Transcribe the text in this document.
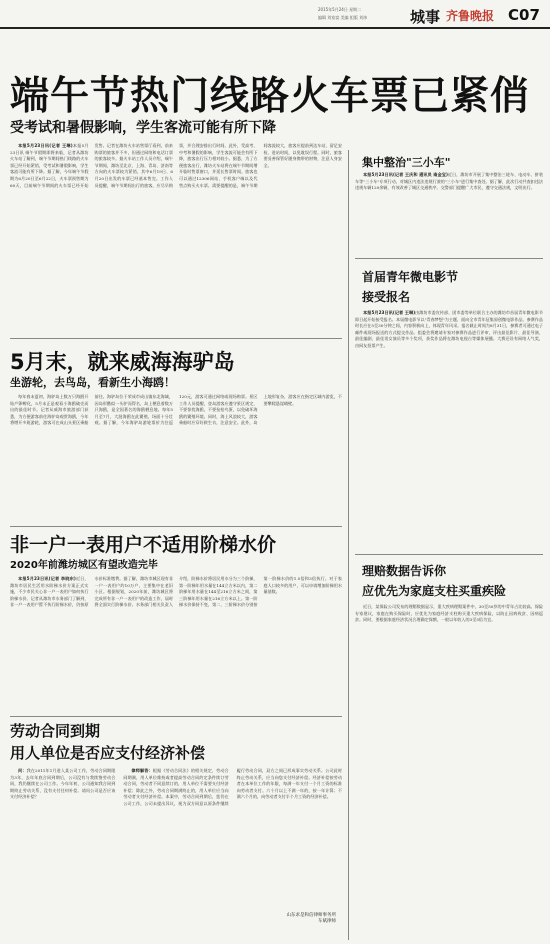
2015年5月24日 星期二
编辑 刘家富 美编 组版 刘炜	城事 齐鲁晚报 C07
端午节热门线路火车票已紧俏
受考试和暑假影响，学生客流可能有所下降

本报5月23日讯(记者 王琳)本报5月23日讯 端午节假期即将来临，记者从潍坊火车站了解到，端午节期间热门线路的火车票已经开始紧俏，受考试和暑假影响，学生客流可能有所下降。据了解，今年端午节假期为6月20日至6月22日，火车票预售期为60天，目前端午节期间的火车票已经开始发售。记者在潍坊火车站售票厅看到，前来购票的旅客并不多，但通过网络和电话订票的旅客较多。据火车站工作人员介绍，端午节期间，潍坊至北京、上海、青岛、济南等方向的火车票较为紧俏，其中6月19日、6月20日出发的车票已经基本售完。工作人员提醒，端午节期间出行的旅客，应尽早购票，并合理安排出行时间。此外，受高考、中考和暑假的影响，学生客流可能会有所下降，旅客出行压力相对较小。据悉，为了方便旅客出行，潍坊火车站将在端午节期间增开临时售票窗口，并延长售票时间。旅客也可以通过12306网站、手机客户端以及代售点购买火车票。需要提醒的是，端午节期间客流较大，旅客应提前到达车站，留足安检、进站时间，以免耽误行程。同时，旅客要妥善保管好随身携带的财物，注意人身安全。

5月末，就来威海海驴岛
坐游轮，去鸟岛，看新生小海鸥！

每年春末夏初，海驴岛上数万只海鸥开始产卵孵化，5月末正是观看小海鸥破壳而出的最佳时节。记者从威海市旅游部门获悉，为方便游客前往海驴岛观赏海鸥，今年将增开多班游轮，游客可在成山头景区乘船前往。海驴岛位于荣成市成山镇东北海域，因岛形酷似一头驴而得名，岛上栖息着数万只海鸥，是全国著名的海鸥栖息地。每年5月至7月，大批海鸥在此繁殖，场面十分壮观。据了解，今年海驴岛游轮票价为往返120元，游客可通过网络或现场购票。景区工作人员提醒，登岛游客应遵守景区规定，不要惊扰海鸥，不要捡拾鸟蛋，以免破坏海鸥的繁殖环境。同时，海上风浪较大，游客乘船时应穿好救生衣，注意安全。此外，岛上地形复杂，游客应在指定区域内游览，不要攀爬悬崖峭壁。

非一户一表用户不适用阶梯水价
2020年前潍坊城区有望改造完毕

本报5月23日讯(记者 李晓东)近日，潍坊市居民生活用水阶梯水价方案正式实施，不少市民关心非一户一表用户如何执行阶梯水价。记者从潍坊市水务部门了解到，非一户一表用户暂不执行阶梯水价，仍按原水价标准缴费。据了解，潍坊市城区现有非一户一表用户约10万户，主要集中在老旧小区。根据规划，2020年前，潍坊城区将完成所有非一户一表用户的改造工作，届时将全面实行阶梯水价。水务部门相关负责人介绍，阶梯水价将居民用水分为三个阶梯，第一阶梯年用水量在144立方米以内，第二阶梯年用水量在144至216立方米之间，第三阶梯年用水量在216立方米以上。第一阶梯水价保持不变，第二、三阶梯水价分别按第一阶梯水价的1.5倍和3倍执行。对于家庭人口较多的用户，可以申请增加阶梯用水量基数。

劳动合同到期
用人单位是否应支付经济补偿

问：我在2011年1月进入某公司工作，劳动合同期限为3年，去年年底合同到期后，公司没有与我续签劳动合同，我仍继续在公司工作。今年年初，公司通知我合同到期终止劳动关系，没有支付任何补偿。请问公司是否应该支付经济补偿？

律师解答：根据《劳动合同法》的相关规定，劳动合同期满，用人单位维持或者提高劳动合同约定条件续订劳动合同，劳动者不同意续订的，用人单位不需要支付经济补偿；除此之外，劳动合同期满终止的，用人单位应当向劳动者支付经济补偿。本案中，劳动合同到期后，您仍在公司工作，公司未提出异议，视为双方同意以原条件继续履行劳动合同，双方之间已形成事实劳动关系。公司此时终止劳动关系，应当向您支付经济补偿。经济补偿按劳动者在本单位工作的年限，每满一年支付一个月工资的标准向劳动者支付。六个月以上不满一年的，按一年计算；不满六个月的，向劳动者支付半个月工资的经济补偿。

山东求是和信律师事务所
车斌律师
集中整治"三小车"

本报5月23日讯(记者 王庆和 通讯员 南金宝)近日，潍坊市开展了集中整治三轮车、电动车、拼装车等"三小车"专项行动，对城区内违法违规行驶的"三小车"进行集中查处。据了解，此次行动共查扣违法违规车辆120余辆，有效改善了城区交通秩序。交警部门提醒广大市民，遵守交通法规，文明出行。

首届青年微电影节
接受报名

本报5月23日讯(记者 王琳)由潍坊市委宣传部、团市委等单位联合主办的潍坊市首届青年微电影节即日起开始接受报名。本届微电影节以"青春梦想"为主题，面向全市青年征集原创微电影作品。参赛作品时长应在5至30分钟之间，内容积极向上，体现青年风采。报名截止时间为8月31日，参赛者可通过电子邮件或现场报送的方式提交作品。组委会将邀请专家对参赛作品进行评审，评出最佳影片、最佳导演、最佳编剧、最佳男女演员等多个奖项，获奖作品将在潍坊电视台等媒体展播。大赛还设有网络人气奖，由网友投票产生。

理赔数据告诉你
应优先为家庭支柱买重疾险

近日，某保险公司发布的理赔数据显示，重大疾病理赔案件中，30至50岁的中青年占比较高。保险专家建议，家庭在购买保险时，应优先为家庭经济支柱购买重大疾病保险，以防止因病致贫、因病返贫。同时，要根据家庭经济状况合理确定保额，一般以年收入的3至5倍为宜。
